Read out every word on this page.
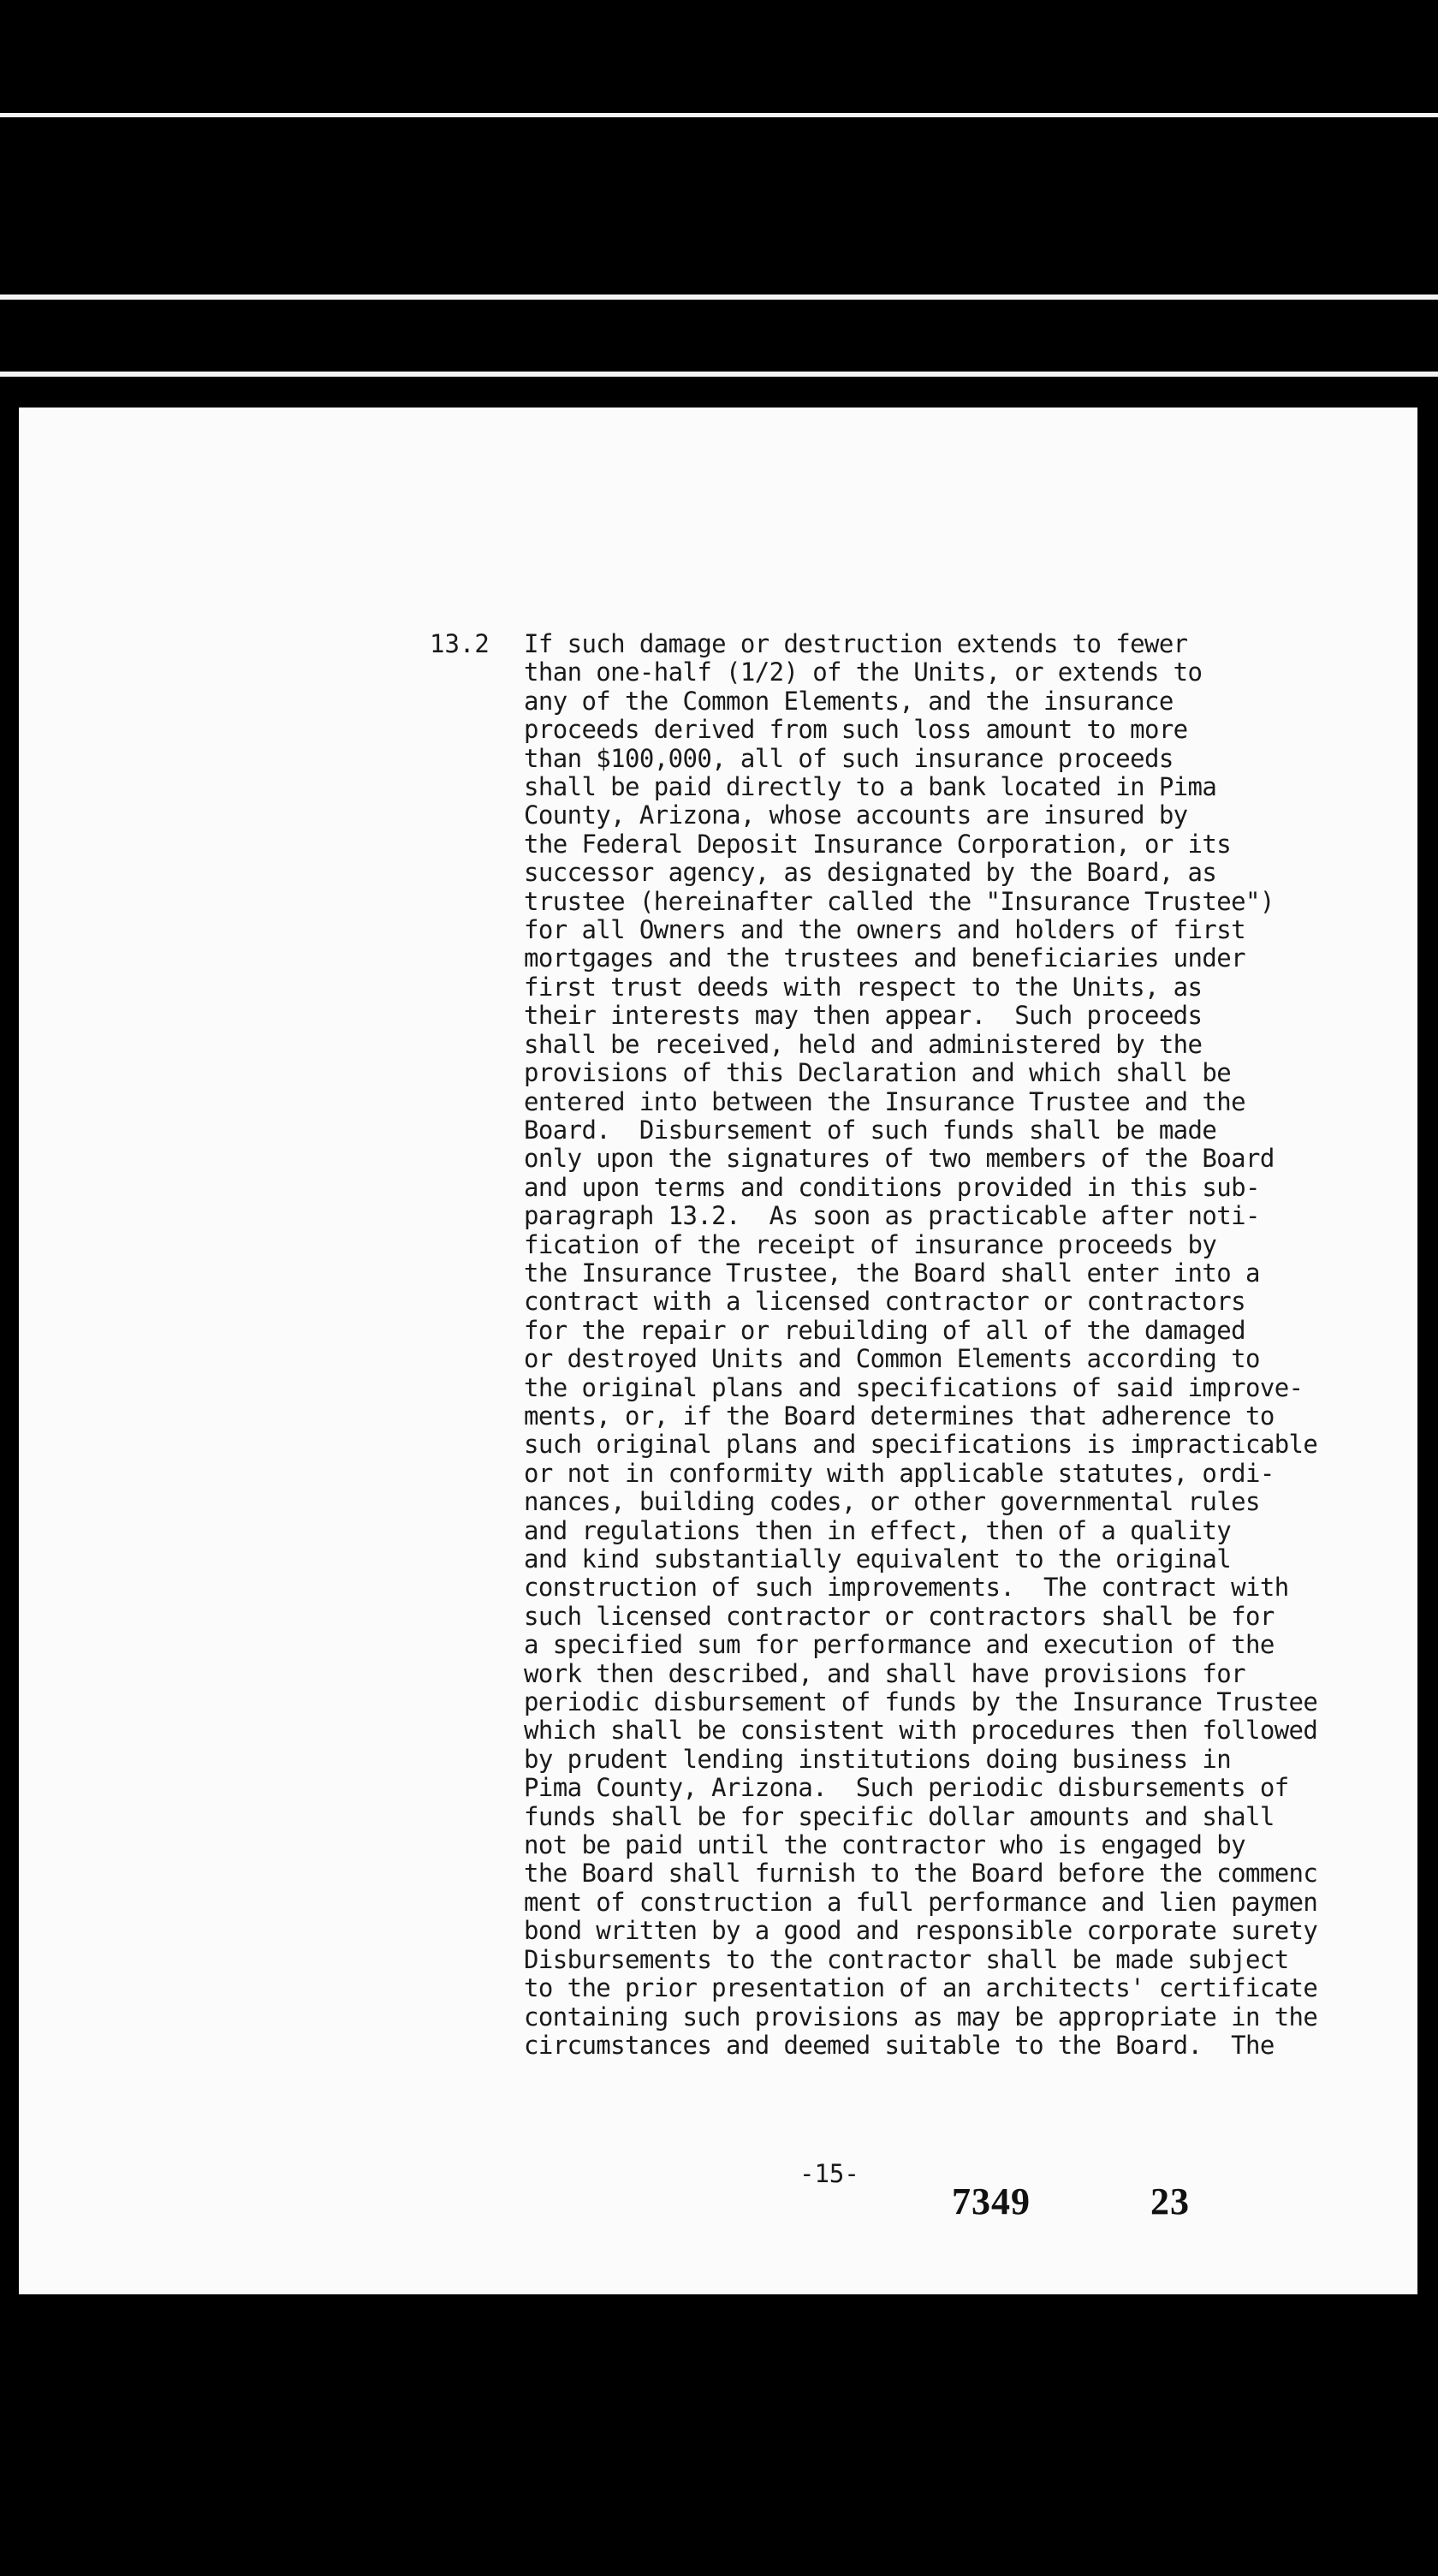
13.2 If such damage or destruction extends to fewer
than one-half (1/2) of the Units, or extends to
any of the Common Elements, and the insurance
proceeds derived from such loss amount to more
than $100,000, all of such insurance proceeds
shall be paid directly to a bank located in Pima
County, Arizona, whose accounts are insured by
the Federal Deposit Insurance Corporation, or its
successor agency, as designated by the Board, as
trustee (hereinafter called the "Insurance Trustee")
for all Owners and the owners and holders of first
mortgages and the trustees and beneficiaries under
first trust deeds with respect to the Units, as
their interests may then appear.  Such proceeds
shall be received, held and administered by the
provisions of this Declaration and which shall be
entered into between the Insurance Trustee and the
Board.  Disbursement of such funds shall be made
only upon the signatures of two members of the Board
and upon terms and conditions provided in this sub-
paragraph 13.2.  As soon as practicable after noti-
fication of the receipt of insurance proceeds by
the Insurance Trustee, the Board shall enter into a
contract with a licensed contractor or contractors
for the repair or rebuilding of all of the damaged
or destroyed Units and Common Elements according to
the original plans and specifications of said improve-
ments, or, if the Board determines that adherence to
such original plans and specifications is impracticable
or not in conformity with applicable statutes, ordi-
nances, building codes, or other governmental rules
and regulations then in effect, then of a quality
and kind substantially equivalent to the original
construction of such improvements.  The contract with
such licensed contractor or contractors shall be for
a specified sum for performance and execution of the
work then described, and shall have provisions for
periodic disbursement of funds by the Insurance Trustee
which shall be consistent with procedures then followed
by prudent lending institutions doing business in
Pima County, Arizona.  Such periodic disbursements of
funds shall be for specific dollar amounts and shall
not be paid until the contractor who is engaged by
the Board shall furnish to the Board before the commenc
ment of construction a full performance and lien paymen
bond written by a good and responsible corporate surety
Disbursements to the contractor shall be made subject
to the prior presentation of an architects' certificate
containing such provisions as may be appropriate in the
circumstances and deemed suitable to the Board.  The

-15-
7349	23
